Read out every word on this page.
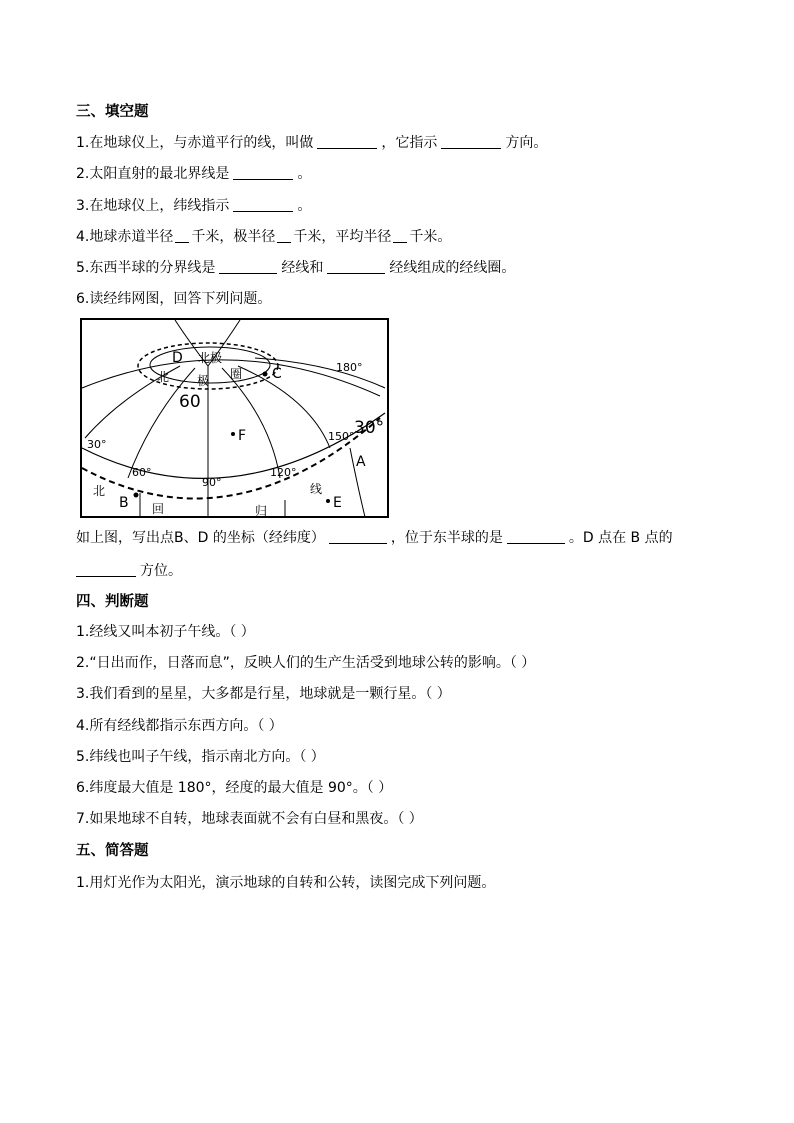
三、填空题
1.在地球仪上，与赤道平行的线，叫做	，它指示	方向。
2.太阳直射的最北界线是	。
3.在地球仪上，纬线指示	。
4.地球赤道半径 千米，极半径 千米，平均半径 千米。
5.东西半球的分界线是	经线和	经线组成的经线圈。
6.读经纬网图，回答下列问题。
D 北极
北 极 圈 C
60
180°
30°
150°
30°
F
A
60°
90°
120°
北
B 回	归
线
E
如上图，写出点B、D 的坐标（经纬度）	，位于东半球的是	。D 点在 B 点的
方位。
四、判断题
1.经线又叫本初子午线。（ ）
2.“日出而作，日落而息”，反映人们的生产生活受到地球公转的影响。（ ）
3.我们看到的星星，大多都是行星，地球就是一颗行星。（ ）
4.所有经线都指示东西方向。（ ）
5.纬线也叫子午线，指示南北方向。（ ）
6.纬度最大值是 180°，经度的最大值是 90°。（ ）
7.如果地球不自转，地球表面就不会有白昼和黑夜。（ ）
五、简答题
1.用灯光作为太阳光，演示地球的自转和公转，读图完成下列问题。
